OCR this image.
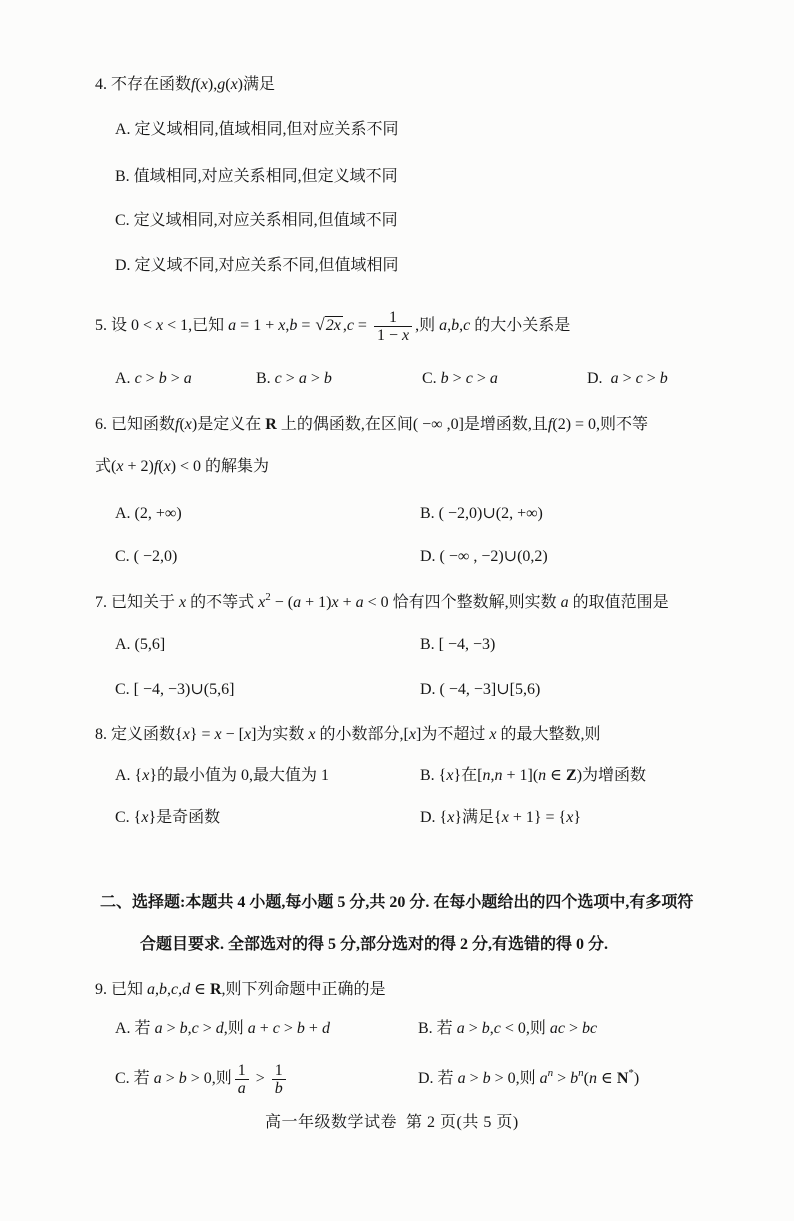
4. 不存在函数f(x),g(x)满足
A. 定义域相同,值域相同,但对应关系不同
B. 值域相同,对应关系相同,但定义域不同
C. 定义域相同,对应关系相同,但值域不同
D. 定义域不同,对应关系不同,但值域相同
5. 设 0 < x < 1,已知 a = 1 + x,b = √2x $,c = \frac{1}{1 - x}$ ,则 a,b,c 的大小关系是
A. c > b > a	B. c > a > b	C. b > c > a	D.  a > c > b
6. 已知函数f(x)是定义在 R 上的偶函数,在区间( −∞ ,0]是增函数,且f(2) = 0,则不等
式(x + 2)f(x) < 0 的解集为
A. (2, +∞)	B. ( −2,0)∪(2, +∞)
C. ( −2,0)	D. ( −∞ , −2)∪(0,2)
7. 已知关于 x 的不等式 $x^2 - (a + 1)x + a < 0$ 恰有四个整数解,则实数 a 的取值范围是
A. (5,6]	B. [ −4, −3)
C. [ −4, −3)∪(5,6]	D. ( −4, −3]∪[5,6)
8. 定义函数{x} = x − [x]为实数 x 的小数部分,[x]为不超过 x 的最大整数,则
A. {x}的最小值为 0,最大值为 1	B. {x}在[n,n + 1](n ∈ Z)为增函数
C. {x}是奇函数	D. {x}满足{x + 1} = {x}
二、选择题:本题共 4 小题,每小题 5 分,共 20 分. 在每小题给出的四个选项中,有多项符
合题目要求. 全部选对的得 5 分,部分选对的得 2 分,有选错的得 0 分.
9. 已知 a,b,c,d ∈ R,则下列命题中正确的是
A. 若 a > b,c > d,则 a + c > b + d	B. 若 a > b,c < 0,则 ac > bc
C. 若 a > b > 0,则 $\frac{1}{a} > \frac{1}{b}$	D. 若 a > b > 0,则 $a^n > b^n(n$ ∈ N*)
高一年级数学试卷  第 2 页(共 5 页)
